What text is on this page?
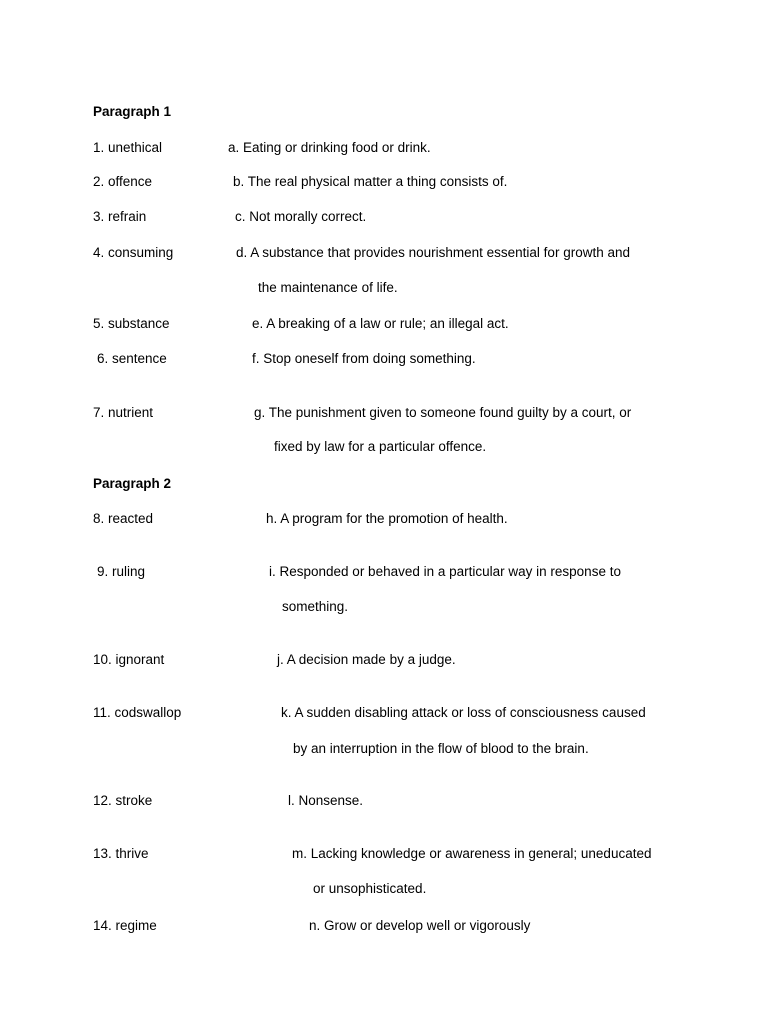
Paragraph 1
1. unethical	a. Eating or drinking food or drink.
2. offence	b. The real physical matter a thing consists of.
3. refrain	c. Not morally correct.
4. consuming	d. A substance that provides nourishment essential for growth and
the maintenance of life.
5. substance	e. A breaking of a law or rule; an illegal act.
6. sentence	f. Stop oneself from doing something.
7. nutrient	g. The punishment given to someone found guilty by a court, or
fixed by law for a particular offence.
Paragraph 2
8. reacted	h. A program for the promotion of health.
9. ruling	i. Responded or behaved in a particular way in response to
something.
10. ignorant	j. A decision made by a judge.
11. codswallop	k. A sudden disabling attack or loss of consciousness caused
by an interruption in the flow of blood to the brain.
12. stroke	l. Nonsense.
13. thrive	m. Lacking knowledge or awareness in general; uneducated
or unsophisticated.
14. regime	n. Grow or develop well or vigorously
